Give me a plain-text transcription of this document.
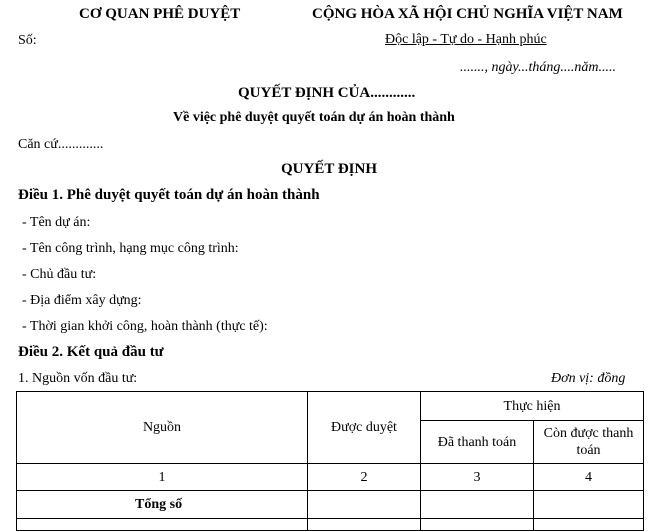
CƠ QUAN PHÊ DUYỆT	CỘNG HÒA XÃ HỘI CHỦ NGHĨA VIỆT NAM
Số:	Độc lập - Tự do - Hạnh phúc
......., ngày...tháng....năm.....
QUYẾT ĐỊNH CỦA............
Về việc phê duyệt quyết toán dự án hoàn thành
Căn cứ.............
QUYẾT ĐỊNH
Điều 1. Phê duyệt quyết toán dự án hoàn thành
- Tên dự án:
- Tên công trình, hạng mục công trình:
- Chủ đầu tư:
- Địa điểm xây dựng:
- Thời gian khởi công, hoàn thành (thực tế):
Điều 2. Kết quả đầu tư
1. Nguồn vốn đầu tư:	Đơn vị: đồng
Nguồn	Được duyệt	Thực hiện	
		Đã thanh toán	Còn được thanh toán
1	2	3	4
Tổng số			
